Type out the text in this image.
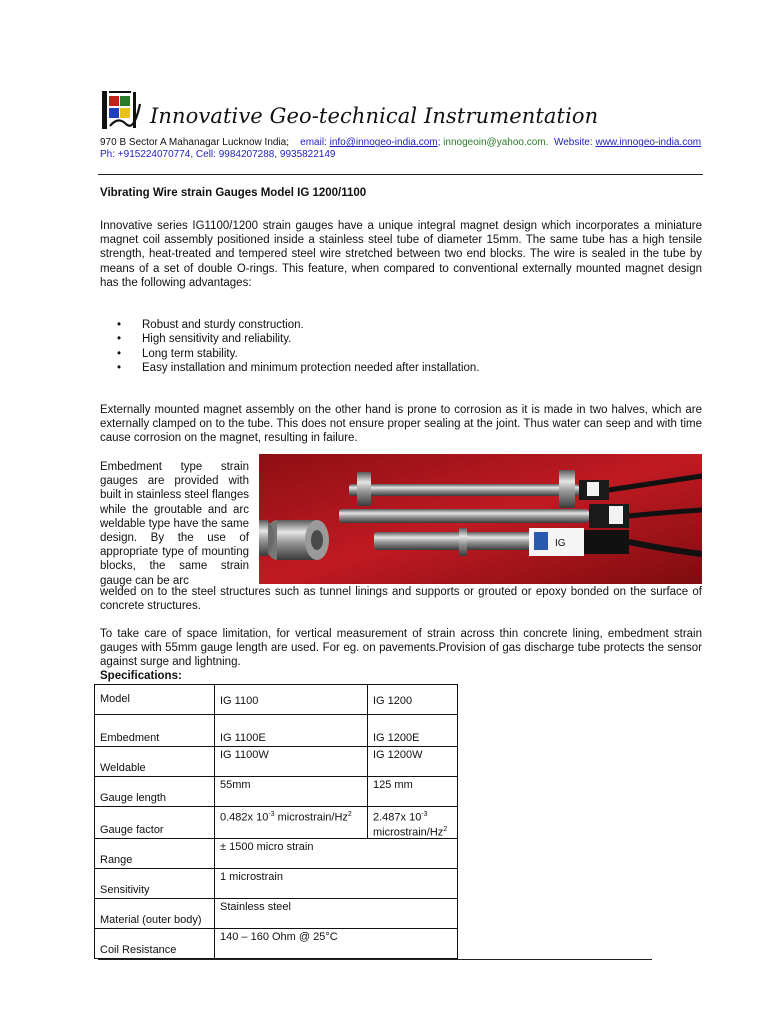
Innovative Geo-technical Instrumentation
970 B Sector A Mahanagar Lucknow India; email: info@innogeo-india.com; innogeoin@yahoo.com. Website: www.innogeo-india.com
Ph: +915224070774, Cell: 9984207288, 9935822149
Vibrating Wire strain Gauges Model IG 1200/1100
Innovative series IG1100/1200 strain gauges have a unique integral magnet design which incorporates a miniature magnet coil assembly positioned inside a stainless steel tube of diameter 15mm. The same tube has a high tensile strength, heat-treated and tempered steel wire stretched between two end blocks. The wire is sealed in the tube by means of a set of double O-rings. This feature, when compared to conventional externally mounted magnet design has the following advantages:
• Robust and sturdy construction.
• High sensitivity and reliability.
• Long term stability.
• Easy installation and minimum protection needed after installation.
Externally mounted magnet assembly on the other hand is prone to corrosion as it is made in two halves, which are externally clamped on to the tube. This does not ensure proper sealing at the joint. Thus water can seep and with time cause corrosion on the magnet, resulting in failure.
Embedment type strain gauges are provided with built in stainless steel flanges while the groutable and arc weldable type have the same design. By the use of appropriate type of mounting blocks, the same strain gauge can be arc
welded on to the steel structures such as tunnel linings and supports or grouted or epoxy bonded on the surface of concrete structures.
IG
To take care of space limitation, for vertical measurement of strain across thin concrete lining, embedment strain gauges with 55mm gauge length are used. For eg. on pavements.Provision of gas discharge tube protects the sensor against surge and lightning.
Specifications:
Model	IG 1100	IG 1200
Embedment	IG 1100E	IG 1200E
Weldable	IG 1100W	IG 1200W
Gauge length	55mm	125 mm
Gauge factor	0.482x $10^{-3}$ microstrain/Hz$^2$	2.487x $10^{-3}$
microstrain/Hz$^2$
Range	± 1500 micro strain	
Sensitivity	1 microstrain	
Material (outer body)	Stainless steel	
Coil Resistance	140 – 160 Ohm @ 25°C	
